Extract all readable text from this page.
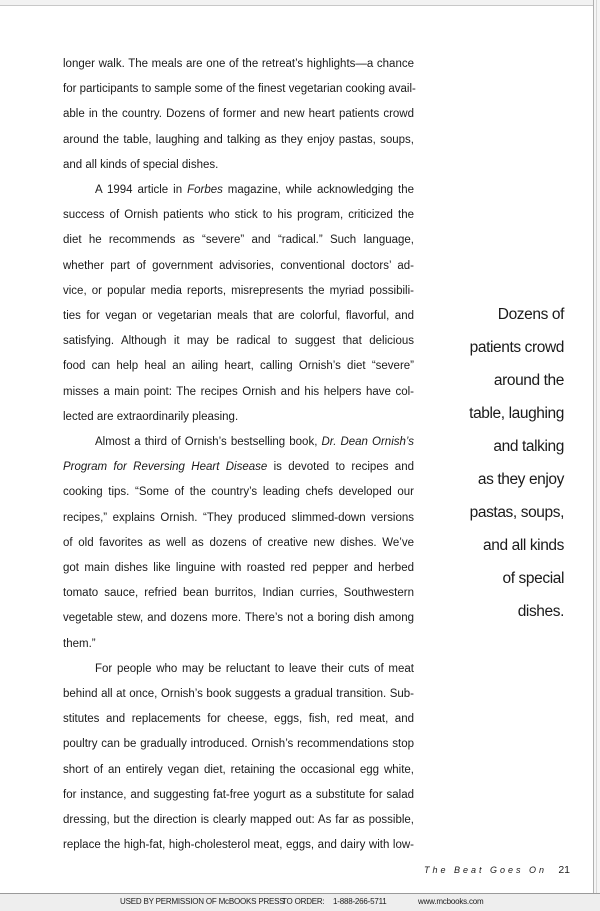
longer walk. The meals are one of the retreat’s highlights—a chance
for participants to sample some of the finest vegetarian cooking avail-
able in the country. Dozens of former and new heart patients crowd
around the table, laughing and talking as they enjoy pastas, soups,
and all kinds of special dishes.
A 1994 article in Forbes magazine, while acknowledging the
success of Ornish patients who stick to his program, criticized the
diet he recommends as “severe” and “radical.” Such language,
whether part of government advisories, conventional doctors’ ad-
vice, or popular media reports, misrepresents the myriad possibili-
ties for vegan or vegetarian meals that are colorful, flavorful, and
satisfying. Although it may be radical to suggest that delicious
food can help heal an ailing heart, calling Ornish’s diet “severe”
misses a main point: The recipes Ornish and his helpers have col-
lected are extraordinarily pleasing.
Almost a third of Ornish’s bestselling book, Dr. Dean Ornish’s
Program for Reversing Heart Disease is devoted to recipes and
cooking tips. “Some of the country’s leading chefs developed our
recipes,” explains Ornish. “They produced slimmed-down versions
of old favorites as well as dozens of creative new dishes. We’ve
got main dishes like linguine with roasted red pepper and herbed
tomato sauce, refried bean burritos, Indian curries, Southwestern
vegetable stew, and dozens more. There’s not a boring dish among
them.”
For people who may be reluctant to leave their cuts of meat
behind all at once, Ornish’s book suggests a gradual transition. Sub-
stitutes and replacements for cheese, eggs, fish, red meat, and
poultry can be gradually introduced. Ornish’s recommendations stop
short of an entirely vegan diet, retaining the occasional egg white,
for instance, and suggesting fat-free yogurt as a substitute for salad
dressing, but the direction is clearly mapped out: As far as possible,
replace the high-fat, high-cholesterol meat, eggs, and dairy with low-
Dozens of
patients crowd
around the
table, laughing
and talking
as they enjoy
pastas, soups,
and all kinds
of special
dishes.
The Beat Goes On 21
USED BY PERMISSION OF McBOOKS PRESS
TO ORDER: 1-888-266-5711	www.mcbooks.com
